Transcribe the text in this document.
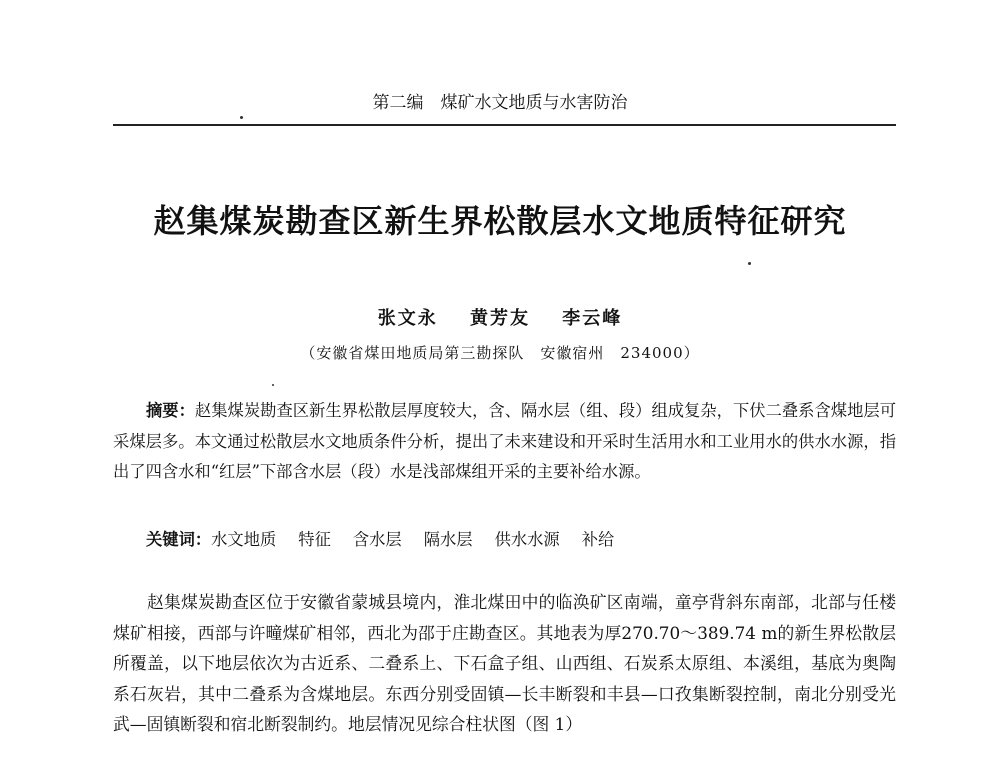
第二编　煤矿水文地质与水害防治
赵集煤炭勘查区新生界松散层水文地质特征研究
张文永 黄芳友 李云峰
（安徽省煤田地质局第三勘探队　安徽宿州　234000）

摘要：赵集煤炭勘查区新生界松散层厚度较大，含、隔水层（组、段）组成复杂，下伏二叠系含煤地层可采煤层多。本文通过松散层水文地质条件分析，提出了未来建设和开采时生活用水和工业用水的供水水源，指出了四含水和“红层”下部含水层（段）水是浅部煤组开采的主要补给水源。

关键词：水文地质 特征 含水层 隔水层 供水水源 补给

赵集煤炭勘查区位于安徽省蒙城县境内，淮北煤田中的临涣矿区南端，童亭背斜东南部，北部与任楼煤矿相接，西部与许疃煤矿相邻，西北为邵于庄勘查区。其地表为厚270.70～389.74 m的新生界松散层所覆盖，以下地层依次为古近系、二叠系上、下石盒子组、山西组、石炭系太原组、本溪组，基底为奥陶系石灰岩，其中二叠系为含煤地层。东西分别受固镇—长丰断裂和丰县—口孜集断裂控制，南北分别受光武—固镇断裂和宿北断裂制约。地层情况见综合柱状图（图 1）
